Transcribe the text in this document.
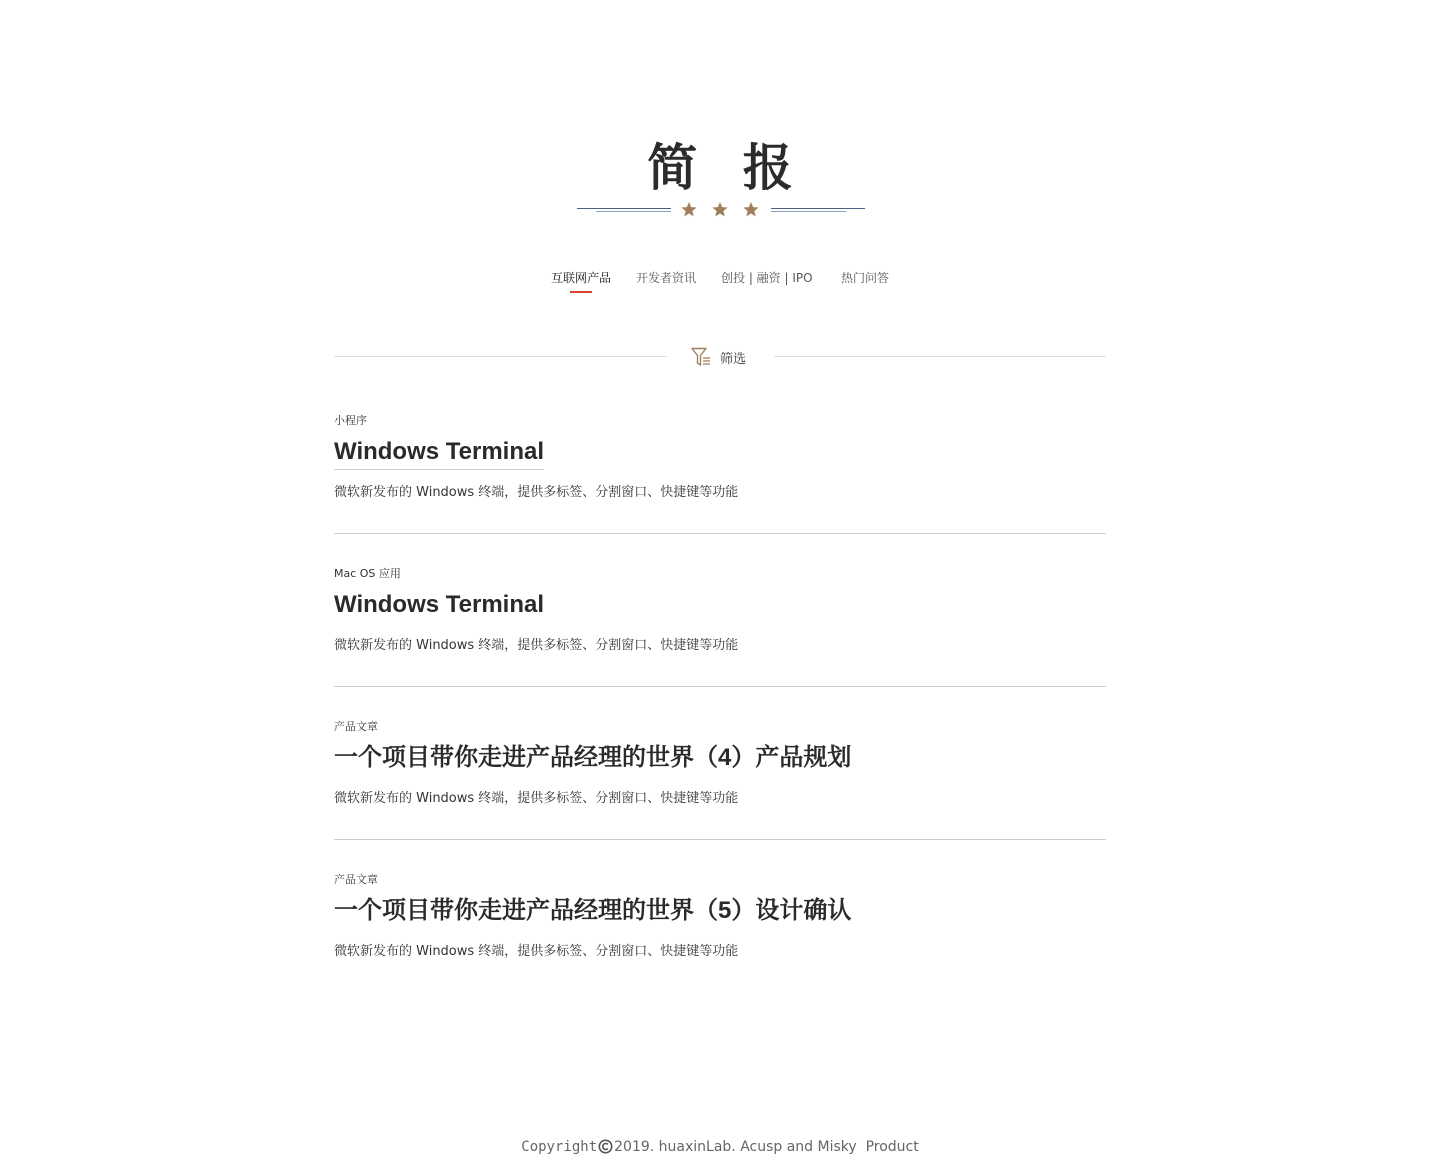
简 报
互联网产品 开发者资讯 创投 | 融资 | IPO 热门问答
筛选
小程序
Windows Terminal
微软新发布的 Windows 终端，提供多标签、分割窗口、快捷键等功能
Mac OS 应用
Windows Terminal
微软新发布的 Windows 终端，提供多标签、分割窗口、快捷键等功能
产品文章
一个项目带你走进产品经理的世界（4）产品规划
微软新发布的 Windows 终端，提供多标签、分割窗口、快捷键等功能
产品文章
一个项目带你走进产品经理的世界（5）设计确认
微软新发布的 Windows 终端，提供多标签、分割窗口、快捷键等功能
Copyright 2019. huaxinLab. Acusp and Misky  Product
